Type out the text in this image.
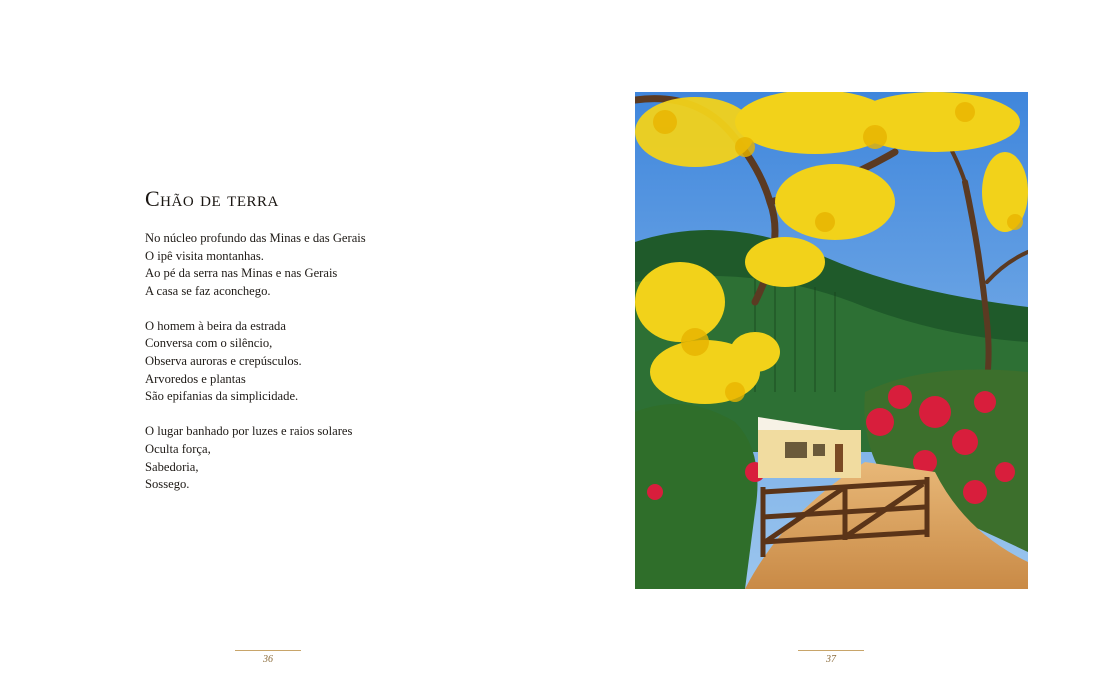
Chão de terra

No núcleo profundo das Minas e das Gerais
O ipê visita montanhas.
Ao pé da serra nas Minas e nas Gerais
A casa se faz aconchego.

O homem à beira da estrada
Conversa com o silêncio,
Observa auroras e crepúsculos.
Arvoredos e plantas
São epifanias da simplicidade.

O lugar banhado por luzes e raios solares
Oculta força,
Sabedoria,
Sossego.

36	37
